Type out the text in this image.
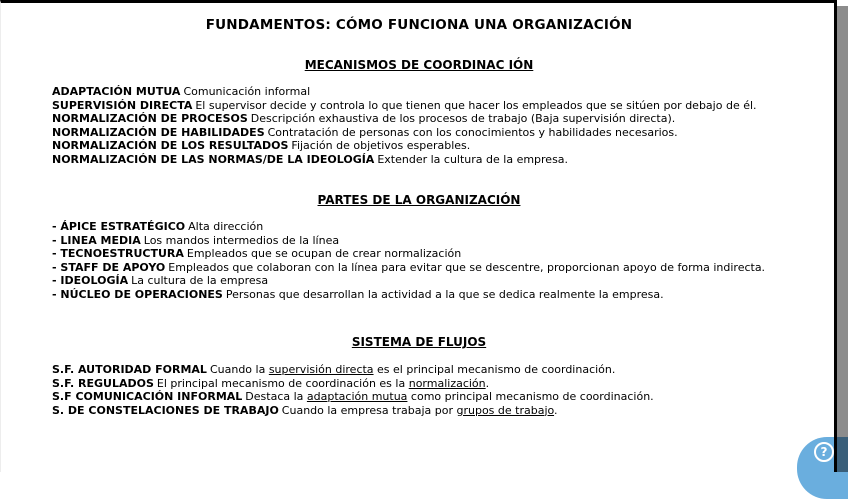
FUNDAMENTOS: CÓMO FUNCIONA UNA ORGANIZACIÓN
MECANISMOS DE COORDINAC IÓN

ADAPTACIÓN MUTUA Comunicación informal

SUPERVISIÓN DIRECTA El supervisor decide y controla lo que tienen que hacer los empleados que se sitúen por debajo de él.

NORMALIZACIÓN DE PROCESOS Descripción exhaustiva de los procesos de trabajo (Baja supervisión directa).

NORMALIZACIÓN DE HABILIDADES Contratación de personas con los conocimientos y habilidades necesarios.

NORMALIZACIÓN DE LOS RESULTADOS Fijación de objetivos esperables.

NORMALIZACIÓN DE LAS NORMAS/DE LA IDEOLOGÍA Extender la cultura de la empresa.

PARTES DE LA ORGANIZACIÓN

- ÁPICE ESTRATÉGICO Alta dirección

- LINEA MEDIA Los mandos intermedios de la línea

- TECNOESTRUCTURA Empleados que se ocupan de crear normalización

- STAFF DE APOYO Empleados que colaboran con la línea para evitar que se descentre, proporcionan apoyo de forma indirecta.

- IDEOLOGÍA La cultura de la empresa

- NÚCLEO DE OPERACIONES Personas que desarrollan la actividad a la que se dedica realmente la empresa.

SISTEMA DE FLUJOS

S.F. AUTORIDAD FORMAL Cuando la supervisión directa es el principal mecanismo de coordinación.

S.F. REGULADOS El principal mecanismo de coordinación es la normalización.

S.F COMUNICACIÓN INFORMAL Destaca la adaptación mutua como principal mecanismo de coordinación.

S. DE CONSTELACIONES DE TRABAJO Cuando la empresa trabaja por grupos de trabajo.

?
